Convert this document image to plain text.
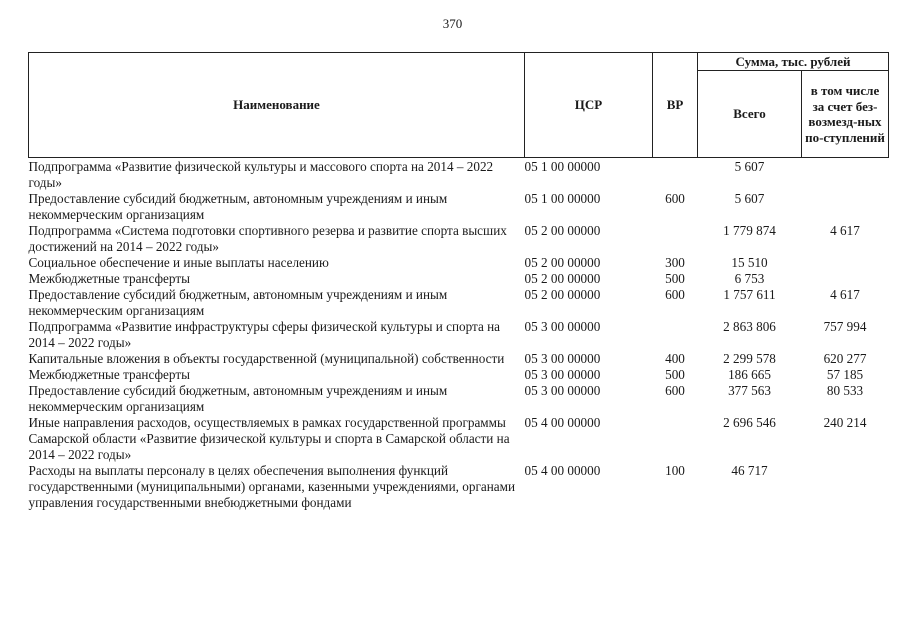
370
Наименование	ЦСР	ВР	Сумма, тыс. рублей	
			Всего	в том числе за счет без-возмезд-ных по-ступлений
Подпрограмма «Развитие физической культуры и массового спорта на 2014 – 2022 годы»	05 1 00 00000		5 607	
Предоставление субсидий бюджетным, автономным учреждениям и иным некоммерческим организациям	05 1 00 00000	600	5 607	
Подпрограмма «Система подготовки спортивного резерва и развитие спорта высших достижений на 2014 – 2022 годы»	05 2 00 00000		1 779 874	4 617
Социальное обеспечение и иные выплаты населению	05 2 00 00000	300	15 510	
Межбюджетные трансферты	05 2 00 00000	500	6 753	
Предоставление субсидий бюджетным, автономным учреждениям и иным некоммерческим организациям	05 2 00 00000	600	1 757 611	4 617
Подпрограмма «Развитие инфраструктуры сферы физической культуры и спорта на 2014 – 2022 годы»	05 3 00 00000		2 863 806	757 994
Капитальные вложения в объекты государственной (муниципальной) собственности	05 3 00 00000	400	2 299 578	620 277
Межбюджетные трансферты	05 3 00 00000	500	186 665	57 185
Предоставление субсидий бюджетным, автономным учреждениям и иным некоммерческим организациям	05 3 00 00000	600	377 563	80 533
Иные направления расходов, осуществляемых в рамках государственной программы Самарской области «Развитие физической культуры и спорта в Самарской области на 2014 – 2022 годы»	05 4 00 00000		2 696 546	240 214
Расходы на выплаты персоналу в целях обеспечения выполнения функций государственными (муниципальными) органами, казенными учреждениями, органами управления государственными внебюджетными фондами	05 4 00 00000	100	46 717	
